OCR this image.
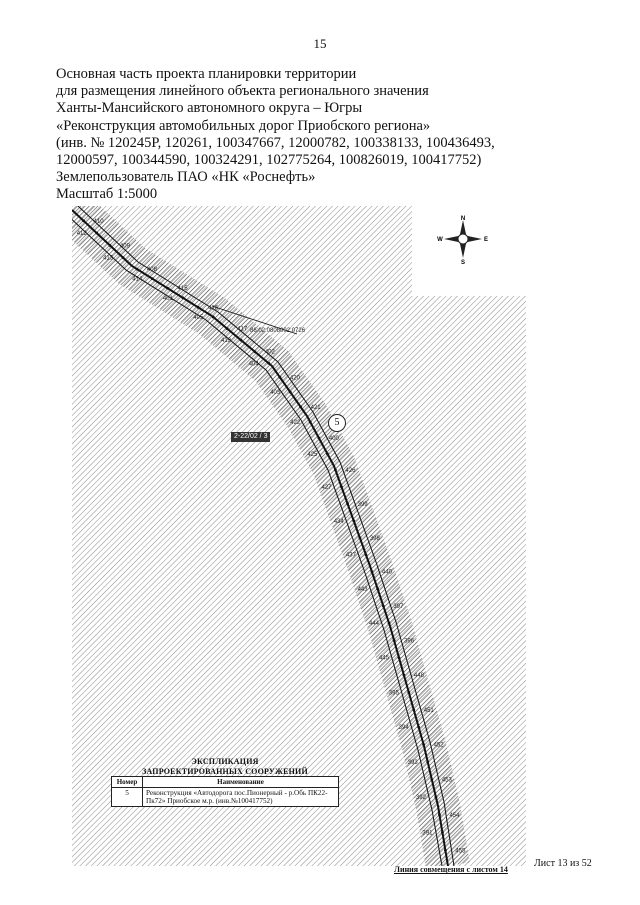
15
Основная часть проекта планировки территории
для размещения линейного объекта регионального значения
Ханты-Мансийского автономного округа – Югры
«Реконструкция автомобильных дорог Приобского региона»
(инв. № 120245Р, 120261, 100347667, 12000782, 100338133, 100436493,
12000597, 100344590, 100324291, 102775264, 100826019, 100417752)
Землепользователь ПАО «НК «Роснефть»
Масштаб 1:5000
86:02:0808002:0726
410
412
409
413
408
414
415
401
416
405
417
419
402
404
420
403
421
422
400
425
426
427
399
434
398
437
440
443
397
444
396
445
448
395
451
394
452
393
453
392
454
391
455
N
S
E
W
2-22/02 / 3
5
ЭКСПЛИКАЦИЯ
ЗАПРОЕКТИРОВАННЫХ СООРУЖЕНИЙ
Номер	Наименование
5	Реконструкция «Автодорога пос.Пионерный - р.Обь ПК22-Пк72» Приобское м.р. (инв.№100417752)
Линия совмещения с листом 14
Лист 13 из 52
